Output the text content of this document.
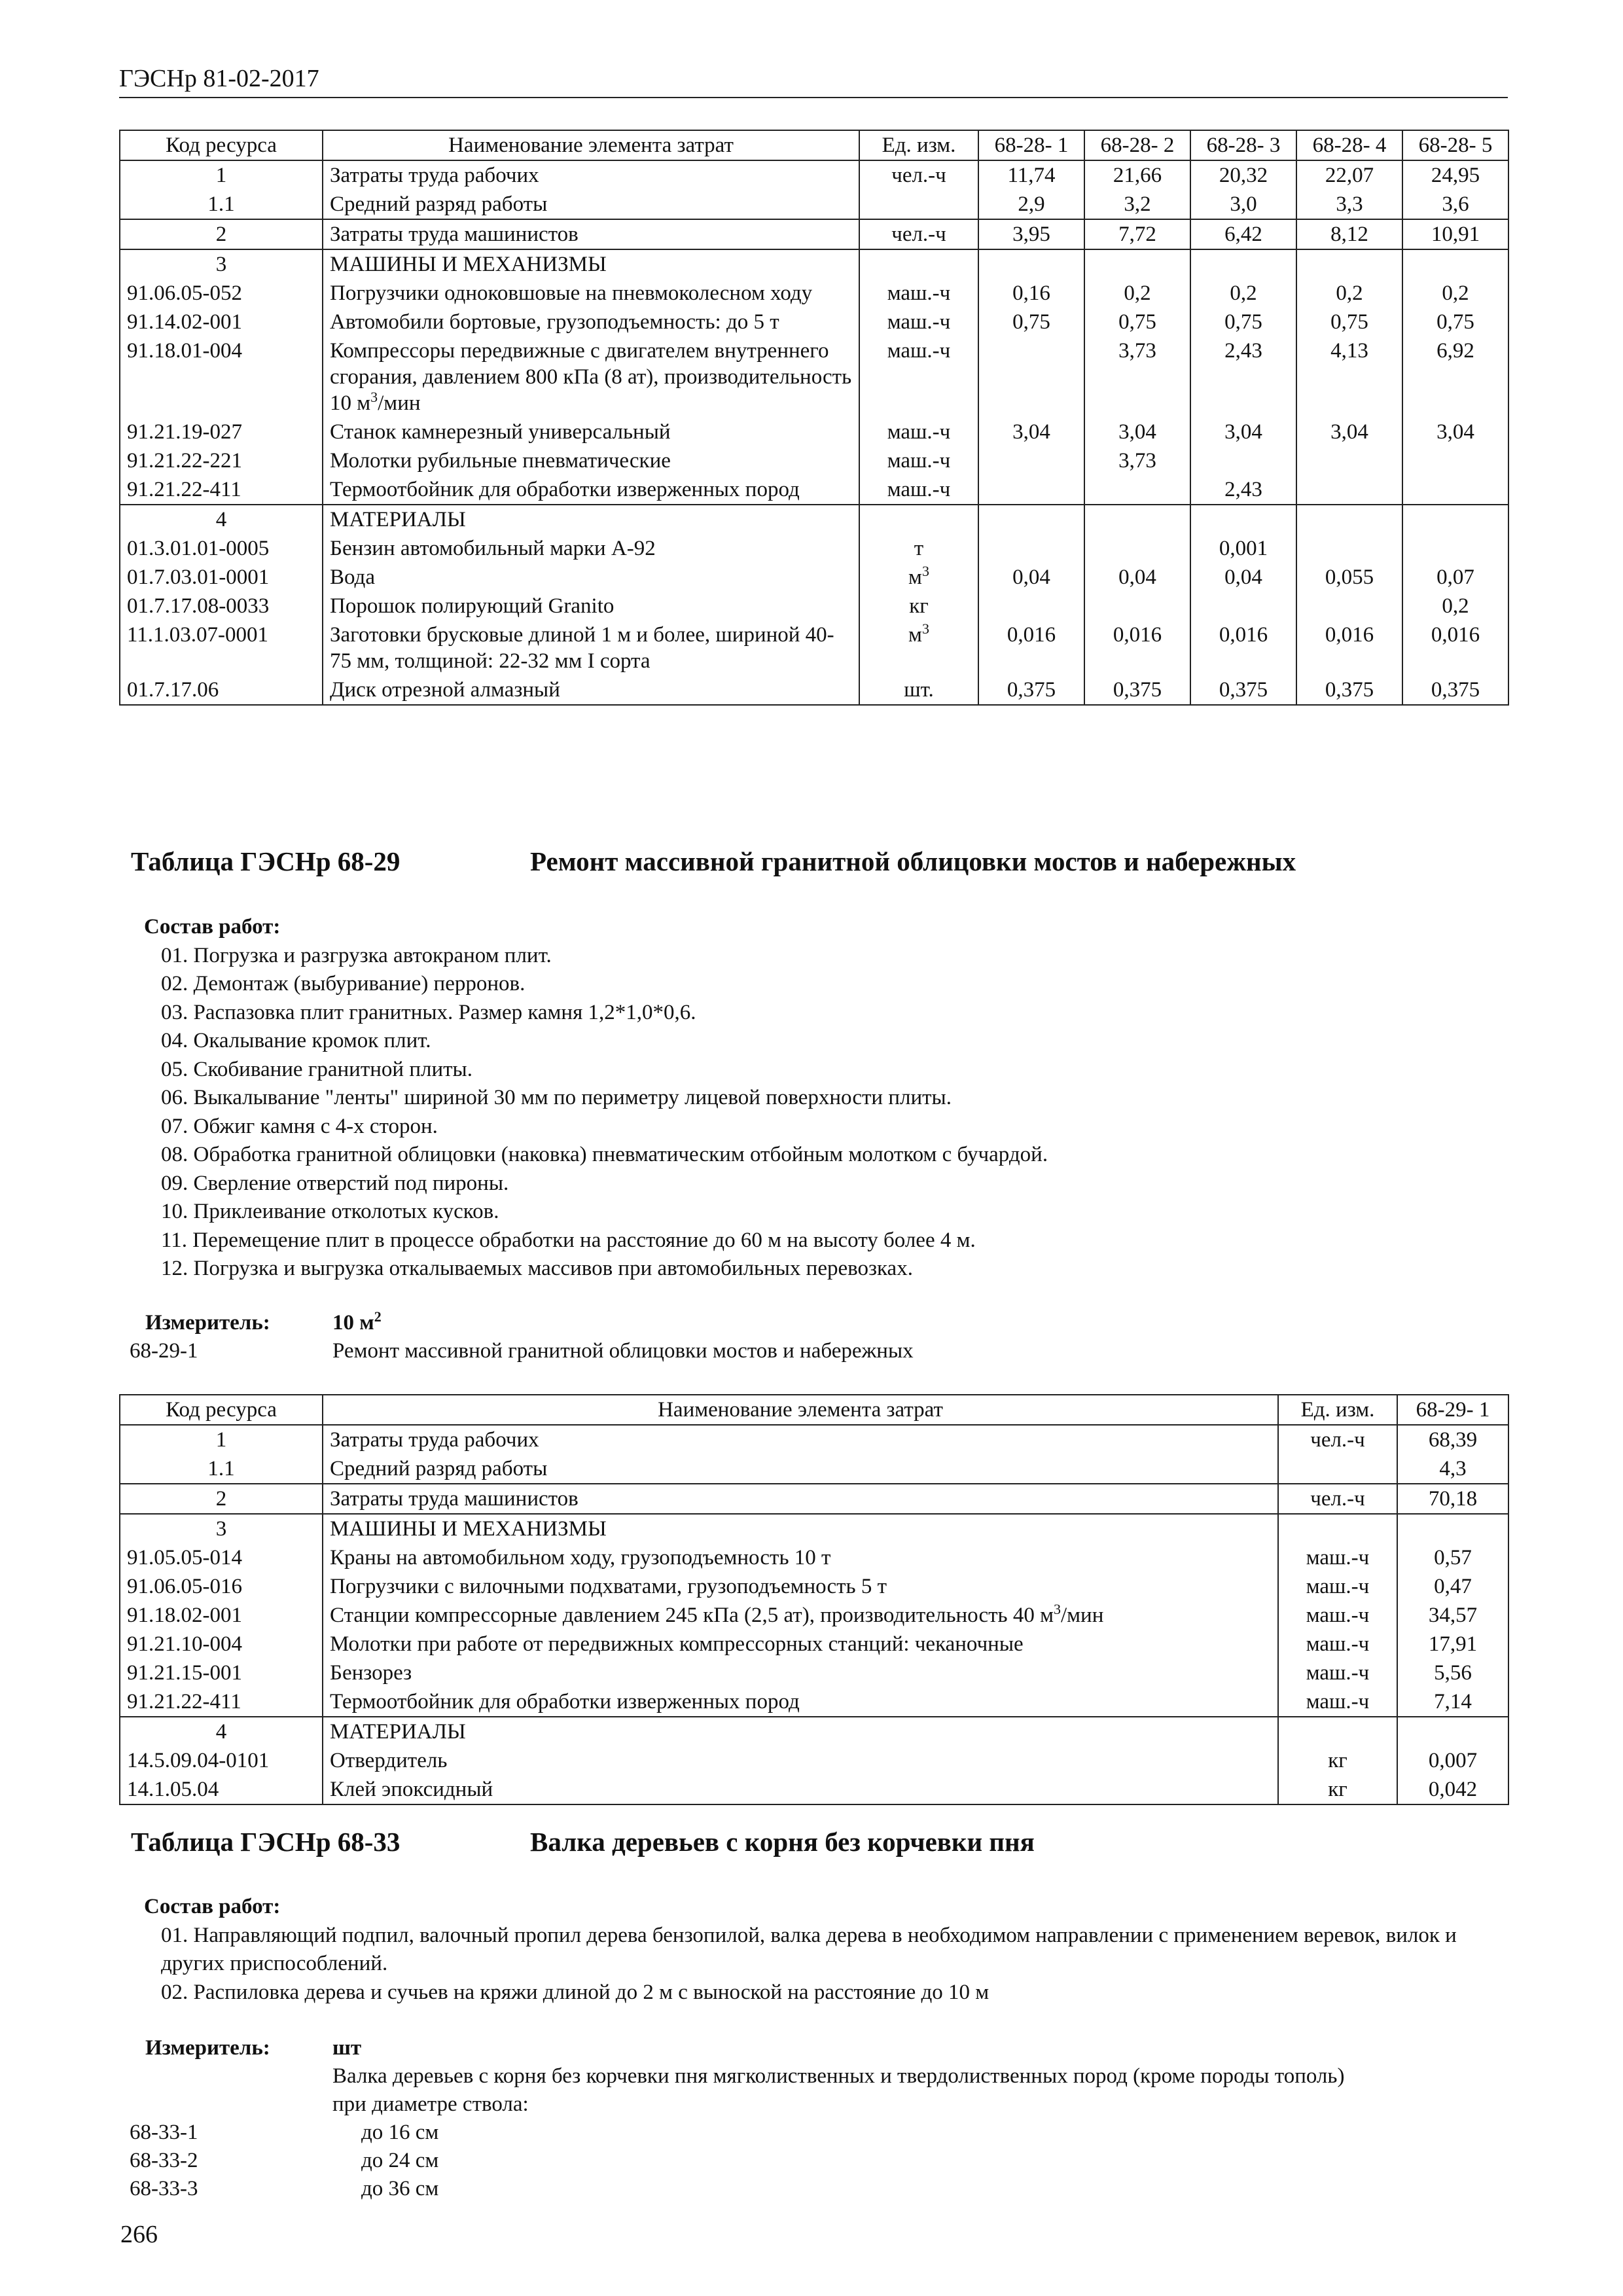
ГЭСНр 81-02-2017
Код ресурса	Наименование элемента затрат	Ед. изм.	68-28- 1	68-28- 2	68-28- 3	68-28- 4	68-28- 5
1	Затраты труда рабочих	чел.-ч	11,74	21,66	20,32	22,07	24,95
1.1	Средний разряд работы		2,9	3,2	3,0	3,3	3,6
2	Затраты труда машинистов	чел.-ч	3,95	7,72	6,42	8,12	10,91
3	МАШИНЫ И МЕХАНИЗМЫ						
91.06.05-052	Погрузчики одноковшовые на пневмоколесном ходу	маш.-ч	0,16	0,2	0,2	0,2	0,2
91.14.02-001	Автомобили бортовые, грузоподъемность: до 5 т	маш.-ч	0,75	0,75	0,75	0,75	0,75
91.18.01-004	Компрессоры передвижные с двигателем внутреннего сгорания, давлением 800 кПа (8 ат), производительность 10 $м^3$/мин	маш.-ч		3,73	2,43	4,13	6,92
91.21.19-027	Станок камнерезный универсальный	маш.-ч	3,04	3,04	3,04	3,04	3,04
91.21.22-221	Молотки рубильные пневматические	маш.-ч		3,73			
91.21.22-411	Термоотбойник для обработки изверженных пород	маш.-ч			2,43		
4	МАТЕРИАЛЫ						
01.3.01.01-0005	Бензин автомобильный марки А-92	т			0,001		
01.7.03.01-0001	Вода	$м^3$	0,04	0,04	0,04	0,055	0,07
01.7.17.08-0033	Порошок полирующий Granito	кг					0,2
11.1.03.07-0001	Заготовки брусковые длиной 1 м и более, шириной 40-75 мм, толщиной: 22-32 мм I сорта	$м^3$	0,016	0,016	0,016	0,016	0,016
01.7.17.06	Диск отрезной алмазный	шт.	0,375	0,375	0,375	0,375	0,375
Таблица ГЭСНр 68-29	Ремонт массивной гранитной облицовки мостов и набережных
Состав работ:
01. Погрузка и разгрузка автокраном плит.
02. Демонтаж (выбуривание) перронов.
03. Распазовка плит гранитных. Размер камня 1,2*1,0*0,6.
04. Окалывание кромок плит.
05. Скобивание гранитной плиты.
06. Выкалывание "ленты" шириной 30 мм по периметру лицевой поверхности плиты.
07. Обжиг камня с 4-х сторон.
08. Обработка гранитной облицовки (наковка) пневматическим отбойным молотком с бучардой.
09. Сверление отверстий под пироны.
10. Приклеивание отколотых кусков.
11. Перемещение плит в процессе обработки на расстояние до 60 м на высоту более 4 м.
12. Погрузка и выгрузка откалываемых массивов при автомобильных перевозках.
Измеритель:	10 $м^2$
68-29-1	Ремонт массивной гранитной облицовки мостов и набережных
Код ресурса	Наименование элемента затрат	Ед. изм.	68-29- 1
1	Затраты труда рабочих	чел.-ч	68,39
1.1	Средний разряд работы		4,3
2	Затраты труда машинистов	чел.-ч	70,18
3	МАШИНЫ И МЕХАНИЗМЫ		
91.05.05-014	Краны на автомобильном ходу, грузоподъемность 10 т	маш.-ч	0,57
91.06.05-016	Погрузчики с вилочными подхватами, грузоподъемность 5 т	маш.-ч	0,47
91.18.02-001	Станции компрессорные давлением 245 кПа (2,5 ат), производительность 40 $м^3$/мин	маш.-ч	34,57
91.21.10-004	Молотки при работе от передвижных компрессорных станций: чеканочные	маш.-ч	17,91
91.21.15-001	Бензорез	маш.-ч	5,56
91.21.22-411	Термоотбойник для обработки изверженных пород	маш.-ч	7,14
4	МАТЕРИАЛЫ		
14.5.09.04-0101	Отвердитель	кг	0,007
14.1.05.04	Клей эпоксидный	кг	0,042
Таблица ГЭСНр 68-33	Валка деревьев с корня без корчевки пня
Состав работ:
01. Направляющий подпил, валочный пропил дерева бензопилой, валка дерева в необходимом направлении с применением веревок, вилок и других приспособлений.
02. Распиловка дерева и сучьев на кряжи длиной до 2 м с выноской на расстояние до 10 м
Измеритель:	шт
Валка деревьев с корня без корчевки пня мягколиственных и твердолиственных пород (кроме породы тополь)
при диаметре ствола:
68-33-1	до 16 см
68-33-2	до 24 см
68-33-3	до 36 см
266
